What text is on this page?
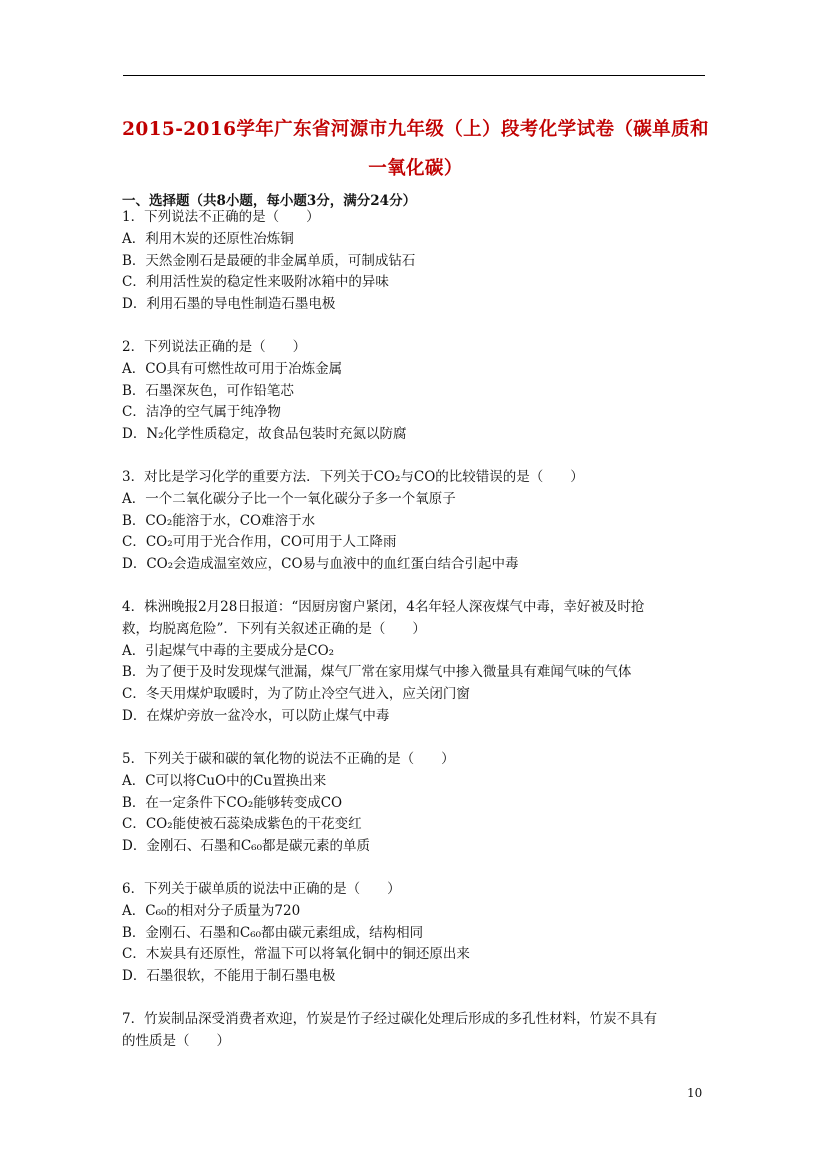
2015-2016学年广东省河源市九年级（上）段考化学试卷（碳单质和
一氧化碳）
一、选择题（共8小题，每小题3分，满分24分）

1．下列说法不正确的是（　　）

A．利用木炭的还原性冶炼铜

B．天然金刚石是最硬的非金属单质，可制成钻石

C．利用活性炭的稳定性来吸附冰箱中的异味

D．利用石墨的导电性制造石墨电极

2．下列说法正确的是（　　）

A．CO具有可燃性故可用于冶炼金属

B．石墨深灰色，可作铅笔芯

C．洁净的空气属于纯净物

D．N₂化学性质稳定，故食品包装时充氮以防腐

3．对比是学习化学的重要方法．下列关于CO₂与CO的比较错误的是（　　）

A．一个二氧化碳分子比一个一氧化碳分子多一个氧原子

B．CO₂能溶于水，CO难溶于水

C．CO₂可用于光合作用，CO可用于人工降雨

D．CO₂会造成温室效应，CO易与血液中的血红蛋白结合引起中毒

4．株洲晚报2月28日报道：“因厨房窗户紧闭，4名年轻人深夜煤气中毒，幸好被及时抢

救，均脱离危险”．下列有关叙述正确的是（　　）

A．引起煤气中毒的主要成分是CO₂

B．为了便于及时发现煤气泄漏，煤气厂常在家用煤气中掺入微量具有难闻气味的气体

C．冬天用煤炉取暖时，为了防止冷空气进入，应关闭门窗

D．在煤炉旁放一盆冷水，可以防止煤气中毒

5．下列关于碳和碳的氧化物的说法不正确的是（　　）

A．C可以将CuO中的Cu置换出来

B．在一定条件下CO₂能够转变成CO

C．CO₂能使被石蕊染成紫色的干花变红

D．金刚石、石墨和C₆₀都是碳元素的单质

6．下列关于碳单质的说法中正确的是（　　）

A．C₆₀的相对分子质量为720

B．金刚石、石墨和C₆₀都由碳元素组成，结构相同

C．木炭具有还原性，常温下可以将氧化铜中的铜还原出来

D．石墨很软，不能用于制石墨电极

7．竹炭制品深受消费者欢迎，竹炭是竹子经过碳化处理后形成的多孔性材料，竹炭不具有

的性质是（　　）

10
